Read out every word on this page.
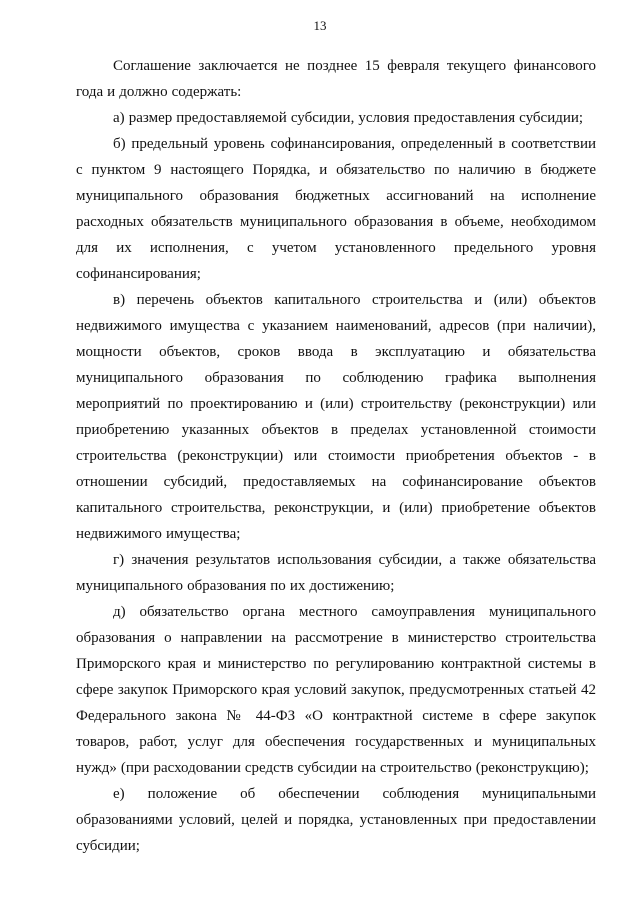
13

Соглашение заключается не позднее 15 февраля текущего финансового года и должно содержать:

а) размер предоставляемой субсидии, условия предоставления субсидии;

б) предельный уровень софинансирования, определенный в соответствии с пунктом 9 настоящего Порядка, и обязательство по наличию в бюджете муниципального образования бюджетных ассигнований на исполнение расходных обязательств муниципального образования в объеме, необходимом для их исполнения, с учетом установленного предельного уровня софинансирования;

в) перечень объектов капитального строительства и (или) объектов недвижимого имущества с указанием наименований, адресов (при наличии), мощности объектов, сроков ввода в эксплуатацию и обязательства муниципального образования по соблюдению графика выполнения мероприятий по проектированию и (или) строительству (реконструкции) или приобретению указанных объектов в пределах установленной стоимости строительства (реконструкции) или стоимости приобретения объектов - в отношении субсидий, предоставляемых на софинансирование объектов капитального строительства, реконструкции, и (или) приобретение объектов недвижимого имущества;

г) значения результатов использования субсидии, а также обязательства муниципального образования по их достижению;

д) обязательство органа местного самоуправления муниципального образования о направлении на рассмотрение в министерство строительства Приморского края и министерство по регулированию контрактной системы в сфере закупок Приморского края условий закупок, предусмотренных статьей 42 Федерального закона № 44-ФЗ «О контрактной системе в сфере закупок товаров, работ, услуг для обеспечения государственных и муниципальных нужд» (при расходовании средств субсидии на строительство (реконструкцию);

е) положение об обеспечении соблюдения муниципальными образованиями условий, целей и порядка, установленных при предоставлении субсидии;
